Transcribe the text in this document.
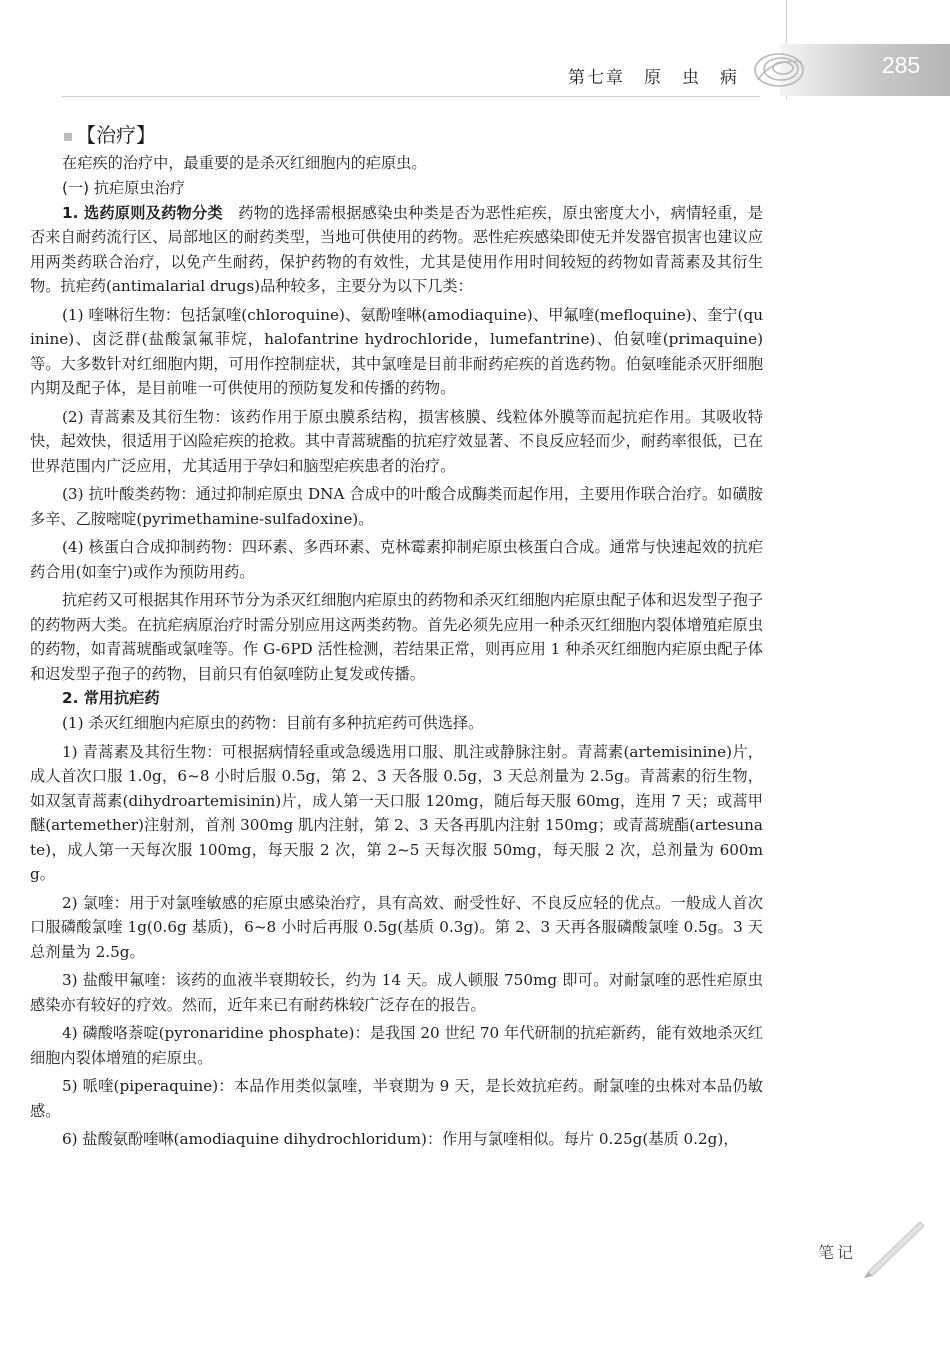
285
第七章　原　虫　病
【治疗】

在疟疾的治疗中，最重要的是杀灭红细胞内的疟原虫。

(一) 抗疟原虫治疗

1. 选药原则及药物分类　 药物的选择需根据感染虫种类是否为恶性疟疾，原虫密度大小，病情轻重，是否来自耐药流行区、局部地区的耐药类型，当地可供使用的药物。恶性疟疾感染即使无并发器官损害也建议应用两类药联合治疗，以免产生耐药，保护药物的有效性，尤其是使用作用时间较短的药物如青蒿素及其衍生物。抗疟药(antimalarial drugs)品种较多，主要分为以下几类：

(1) 喹啉衍生物：包括氯喹(chloroquine)、氨酚喹啉(amodiaquine)、甲氟喹(mefloquine)、奎宁(quinine)、卤泛群(盐酸氯氟菲烷，halofantrine hydrochloride，lumefantrine)、伯氨喹(primaquine)等。大多数针对红细胞内期，可用作控制症状，其中氯喹是目前非耐药疟疾的首选药物。伯氨喹能杀灭肝细胞内期及配子体，是目前唯一可供使用的预防复发和传播的药物。

(2) 青蒿素及其衍生物：该药作用于原虫膜系结构，损害核膜、线粒体外膜等而起抗疟作用。其吸收特快，起效快，很适用于凶险疟疾的抢救。其中青蒿琥酯的抗疟疗效显著、不良反应轻而少，耐药率很低，已在世界范围内广泛应用，尤其适用于孕妇和脑型疟疾患者的治疗。

(3) 抗叶酸类药物：通过抑制疟原虫 DNA 合成中的叶酸合成酶类而起作用，主要用作联合治疗。如磺胺多辛、乙胺嘧啶(pyrimethamine-sulfadoxine)。

(4) 核蛋白合成抑制药物：四环素、多西环素、克林霉素抑制疟原虫核蛋白合成。通常与快速起效的抗疟药合用(如奎宁)或作为预防用药。

抗疟药又可根据其作用环节分为杀灭红细胞内疟原虫的药物和杀灭红细胞内疟原虫配子体和迟发型子孢子的药物两大类。在抗疟病原治疗时需分别应用这两类药物。首先必须先应用一种杀灭红细胞内裂体增殖疟原虫的药物，如青蒿琥酯或氯喹等。作 G-6PD 活性检测，若结果正常，则再应用 1 种杀灭红细胞内疟原虫配子体和迟发型子孢子的药物，目前只有伯氨喹防止复发或传播。

2. 常用抗疟药

(1) 杀灭红细胞内疟原虫的药物：目前有多种抗疟药可供选择。

1) 青蒿素及其衍生物：可根据病情轻重或急缓选用口服、肌注或静脉注射。青蒿素(artemisinine)片，成人首次口服 1.0g，6~8 小时后服 0.5g，第 2、3 天各服 0.5g，3 天总剂量为 2.5g。青蒿素的衍生物，如双氢青蒿素(dihydroartemisinin)片，成人第一天口服 120mg，随后每天服 60mg，连用 7 天；或蒿甲醚(artemether)注射剂，首剂 300mg 肌内注射，第 2、3 天各再肌内注射 150mg；或青蒿琥酯(artesunate)，成人第一天每次服 100mg，每天服 2 次，第 2~5 天每次服 50mg，每天服 2 次，总剂量为 600mg。

2) 氯喹：用于对氯喹敏感的疟原虫感染治疗，具有高效、耐受性好、不良反应轻的优点。一般成人首次口服磷酸氯喹 1g(0.6g 基质)，6~8 小时后再服 0.5g(基质 0.3g)。第 2、3 天再各服磷酸氯喹 0.5g。3 天总剂量为 2.5g。

3) 盐酸甲氟喹：该药的血液半衰期较长，约为 14 天。成人顿服 750mg 即可。对耐氯喹的恶性疟原虫感染亦有较好的疗效。然而，近年来已有耐药株较广泛存在的报告。

4) 磷酸咯萘啶(pyronaridine phosphate)：是我国 20 世纪 70 年代研制的抗疟新药，能有效地杀灭红细胞内裂体增殖的疟原虫。

5) 哌喹(piperaquine)：本品作用类似氯喹，半衰期为 9 天，是长效抗疟药。耐氯喹的虫株对本品仍敏感。

6) 盐酸氨酚喹啉(amodiaquine dihydrochloridum)：作用与氯喹相似。每片 0.25g(基质 0.2g)，

笔记
